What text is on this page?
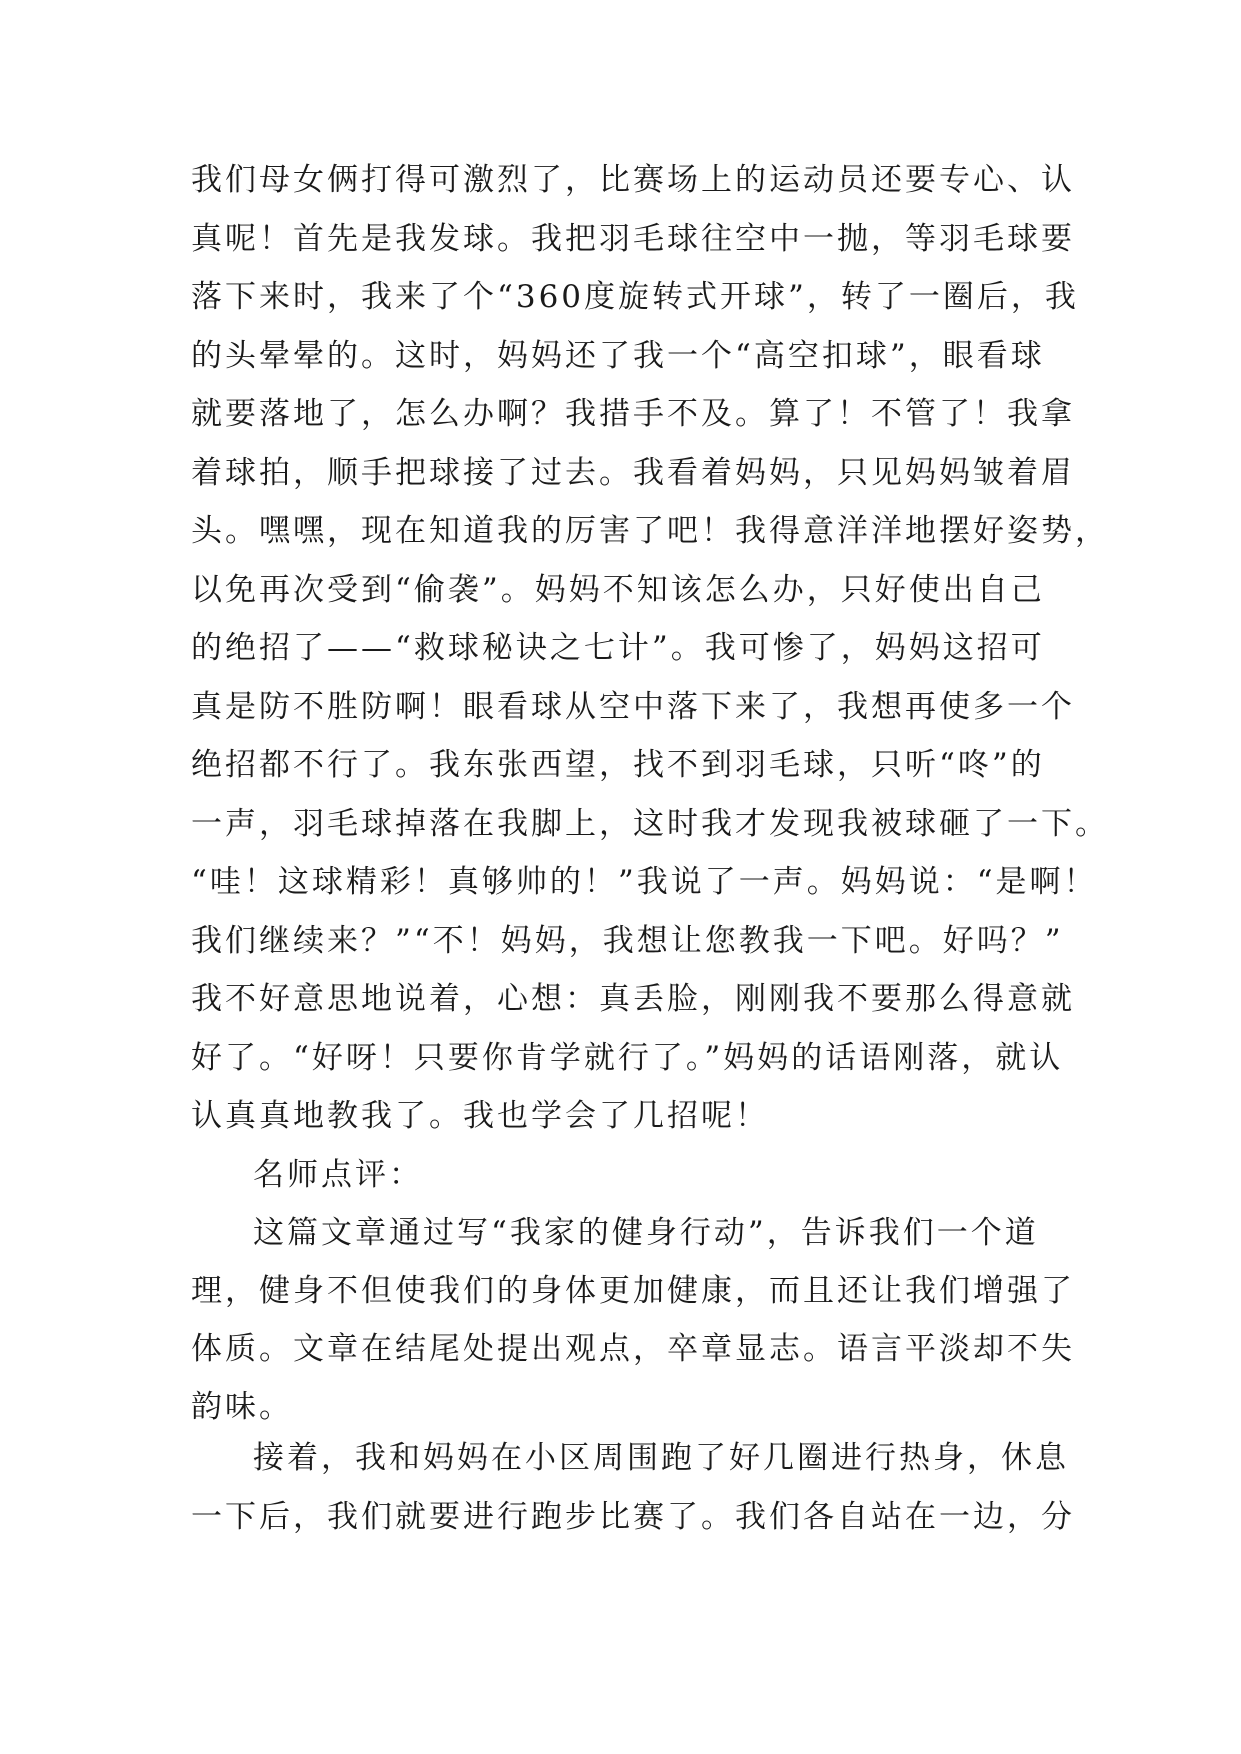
我们母女俩打得可激烈了，比赛场上的运动员还要专心、认
真呢！首先是我发球。我把羽毛球往空中一抛，等羽毛球要
落下来时，我来了个“360度旋转式开球”，转了一圈后，我
的头晕晕的。这时，妈妈还了我一个“高空扣球”，眼看球
就要落地了，怎么办啊？我措手不及。算了！不管了！我拿
着球拍，顺手把球接了过去。我看着妈妈，只见妈妈皱着眉
头。嘿嘿，现在知道我的厉害了吧！我得意洋洋地摆好姿势，
以免再次受到“偷袭”。妈妈不知该怎么办，只好使出自己
的绝招了——“救球秘诀之七计”。我可惨了，妈妈这招可
真是防不胜防啊！眼看球从空中落下来了，我想再使多一个
绝招都不行了。我东张西望，找不到羽毛球，只听“咚”的
一声，羽毛球掉落在我脚上，这时我才发现我被球砸了一下。
“哇！这球精彩！真够帅的！”我说了一声。妈妈说：“是啊！
我们继续来？”“不！妈妈，我想让您教我一下吧。好吗？”
我不好意思地说着，心想：真丢脸，刚刚我不要那么得意就
好了。“好呀！只要你肯学就行了。”妈妈的话语刚落，就认
认真真地教我了。我也学会了几招呢！
名师点评：
这篇文章通过写“我家的健身行动”，告诉我们一个道
理，健身不但使我们的身体更加健康，而且还让我们增强了
体质。文章在结尾处提出观点，卒章显志。语言平淡却不失
韵味。
接着，我和妈妈在小区周围跑了好几圈进行热身，休息
一下后，我们就要进行跑步比赛了。我们各自站在一边，分
